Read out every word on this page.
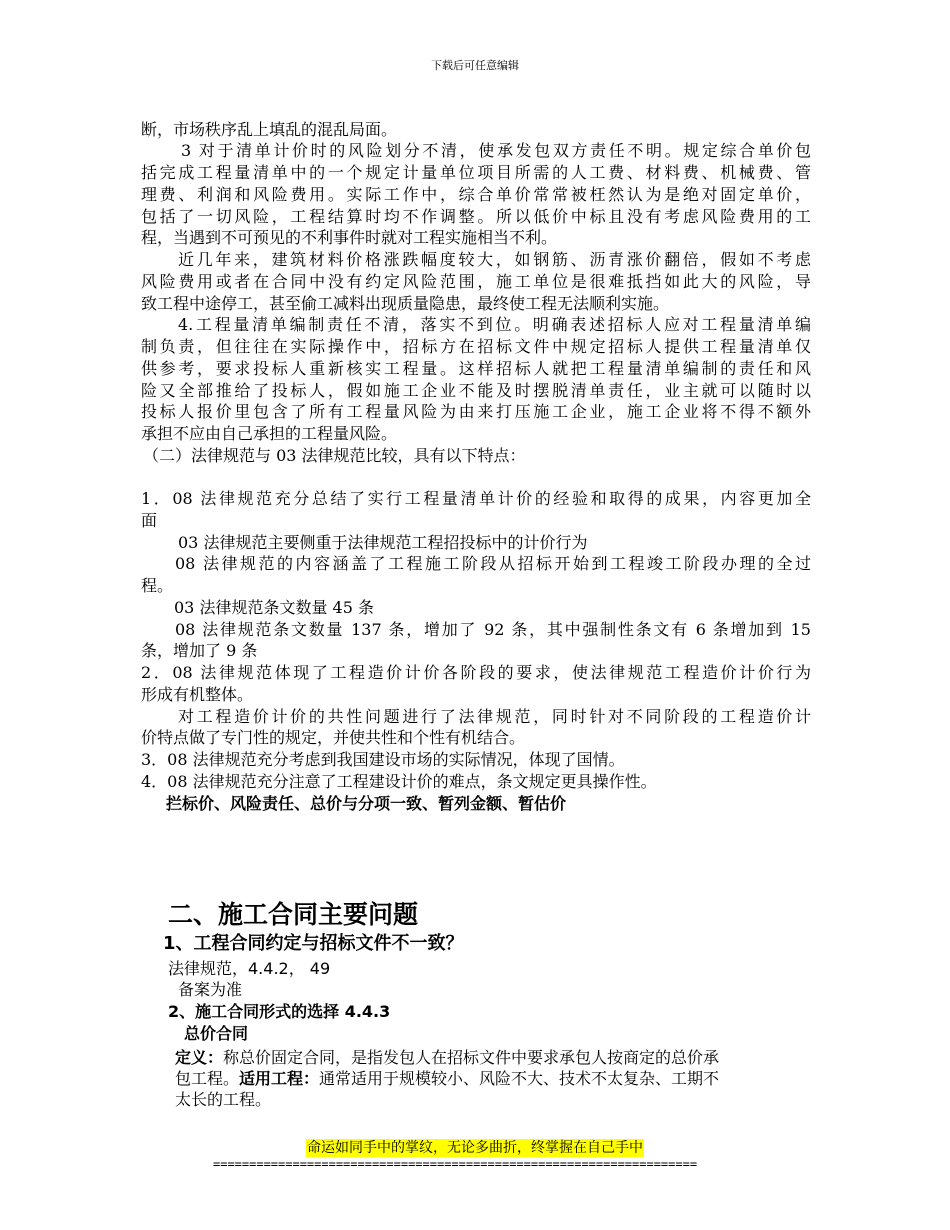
下载后可任意编辑

断，市场秩序乱上填乱的混乱局面。

3 对于清单计价时的风险划分不清，使承发包双方责任不明。规定综合单价包

括完成工程量清单中的一个规定计量单位项目所需的人工费、材料费、机械费、管

理费、利润和风险费用。实际工作中，综合单价常常被枉然认为是绝对固定单价，

包括了一切风险，工程结算时均不作调整。所以低价中标且没有考虑风险费用的工

程，当遇到不可预见的不利事件时就对工程实施相当不利。

近几年来，建筑材料价格涨跌幅度较大，如钢筋、沥青涨价翻倍，假如不考虑

风险费用或者在合同中没有约定风险范围，施工单位是很难抵挡如此大的风险，导

致工程中途停工，甚至偷工减料出现质量隐患，最终使工程无法顺利实施。

4.工程量清单编制责任不清，落实不到位。明确表述招标人应对工程量清单编

制负责，但往往在实际操作中，招标方在招标文件中规定招标人提供工程量清单仅

供参考，要求投标人重新核实工程量。这样招标人就把工程量清单编制的责任和风

险又全部推给了投标人，假如施工企业不能及时摆脱清单责任，业主就可以随时以

投标人报价里包含了所有工程量风险为由来打压施工企业，施工企业将不得不额外

承担不应由自己承担的工程量风险。

（二）法律规范与 03 法律规范比较，具有以下特点：

1．08 法律规范充分总结了实行工程量清单计价的经验和取得的成果，内容更加全

面

03 法律规范主要侧重于法律规范工程招投标中的计价行为

08 法律规范的内容涵盖了工程施工阶段从招标开始到工程竣工阶段办理的全过

程。

03 法律规范条文数量 45 条

08 法律规范条文数量 137 条，增加了 92 条，其中强制性条文有 6 条增加到 15

条，增加了 9 条

2．08 法律规范体现了工程造价计价各阶段的要求，使法律规范工程造价计价行为

形成有机整体。

对工程造价计价的共性问题进行了法律规范，同时针对不同阶段的工程造价计

价特点做了专门性的规定，并使共性和个性有机结合。

3．08 法律规范充分考虑到我国建设市场的实际情况，体现了国情。

4．08 法律规范充分注意了工程建设计价的难点，条文规定更具操作性。

拦标价、风险责任、总价与分项一致、暂列金额、暂估价

二、施工合同主要问题
1、工程合同约定与招标文件不一致？
法律规范，4.4.2， 49
备案为准
2、施工合同形式的选择 4.4.3
总价合同
定义：称总价固定合同，是指发包人在招标文件中要求承包人按商定的总价承
包工程。适用工程：通常适用于规模较小、风险不大、技术不太复杂、工期不
太长的工程。
命运如同手中的掌纹，无论多曲折，终掌握在自己手中
===================================================================
